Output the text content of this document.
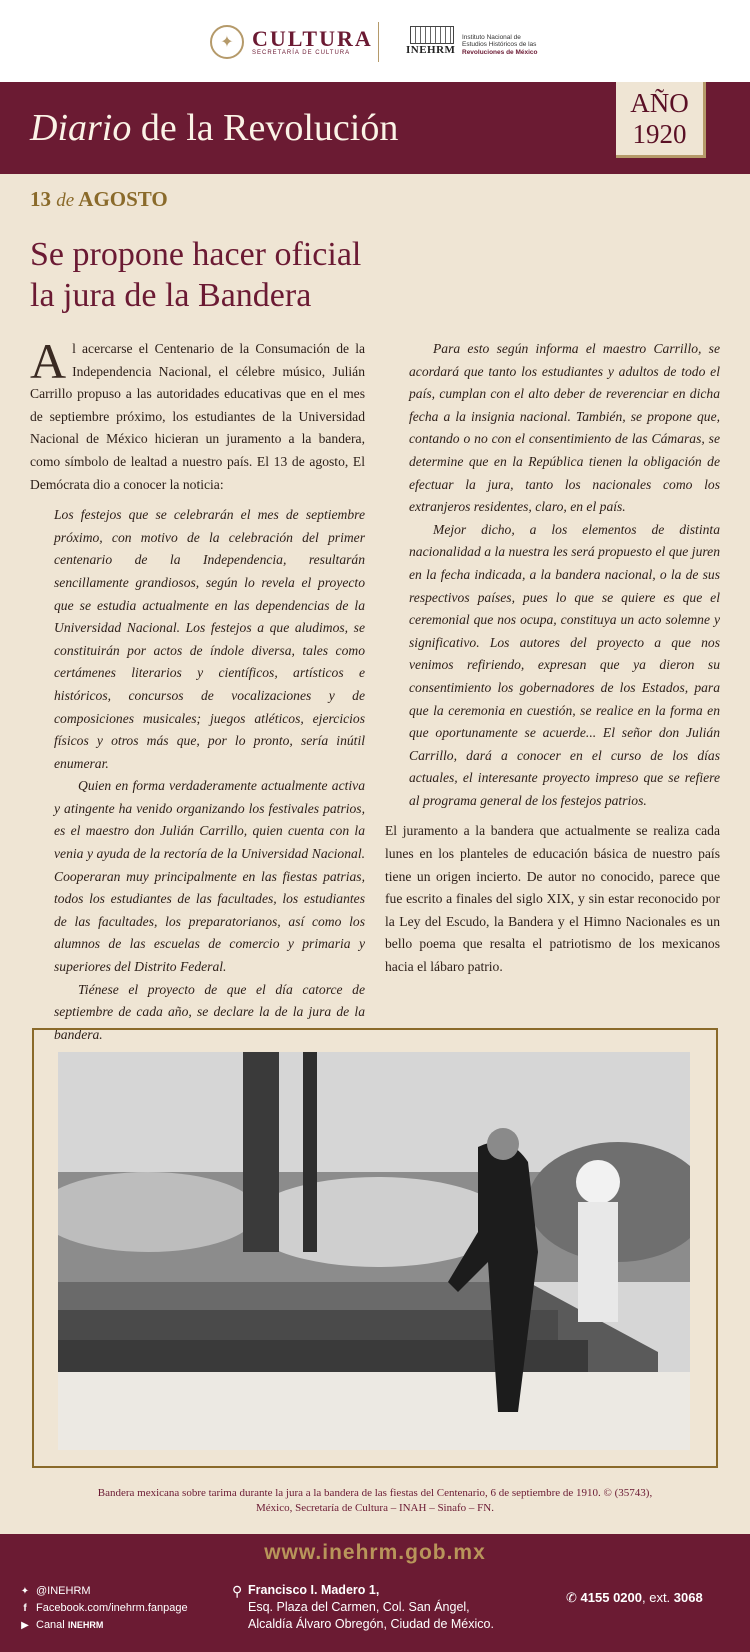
✦ CULTURA
SECRETARÍA DE CULTURA	INEHRM
Instituto Nacional de
Estudios Históricos de las
Revoluciones de México
Diario de la Revolución
AÑO
1920
13 de AGOSTO
Se propone hacer oficial
la jura de la Bandera

Al acercarse el Centenario de la Consumación de la Independencia Nacional, el célebre músico, Julián Carrillo propuso a las autoridades educativas que en el mes de septiembre próximo, los estudiantes de la Universidad Nacional de México hicieran un juramento a la bandera, como símbolo de lealtad a nuestro país. El 13 de agosto, El Demócrata dio a conocer la noticia:

Los festejos que se celebrarán el mes de septiembre próximo, con motivo de la celebración del primer centenario de la Independencia, resultarán sencillamente grandiosos, según lo revela el proyecto que se estudia actualmente en las dependencias de la Universidad Nacional. Los festejos a que aludimos, se constituirán por actos de índole diversa, tales como certámenes literarios y científicos, artísticos e históricos, concursos de vocalizaciones y de composiciones musicales; juegos atléticos, ejercicios físicos y otros más que, por lo pronto, sería inútil enumerar.

Quien en forma verdaderamente actualmente activa y atingente ha venido organizando los festivales patrios, es el maestro don Julián Carrillo, quien cuenta con la venia y ayuda de la rectoría de la Universidad Nacional. Cooperaran muy principalmente en las fiestas patrias, todos los estudiantes de las facultades, los estudiantes de las facultades, los preparatorianos, así como los alumnos de las escuelas de comercio y primaria y superiores del Distrito Federal.

Tiénese el proyecto de que el día catorce de septiembre de cada año, se declare la de la jura de la bandera.

Para esto según informa el maestro Carrillo, se acordará que tanto los estudiantes y adultos de todo el país, cumplan con el alto deber de reverenciar en dicha fecha a la insignia nacional. También, se propone que, contando o no con el consentimiento de las Cámaras, se determine que en la República tienen la obligación de efectuar la jura, tanto los nacionales como los extranjeros residentes, claro, en el país.

Mejor dicho, a los elementos de distinta nacionalidad a la nuestra les será propuesto el que juren en la fecha indicada, a la bandera nacional, o la de sus respectivos países, pues lo que se quiere es que el ceremonial que nos ocupa, constituya un acto solemne y significativo. Los autores del proyecto a que nos venimos refiriendo, expresan que ya dieron su consentimiento los gobernadores de los Estados, para que la ceremonia en cuestión, se realice en la forma en que oportunamente se acuerde... El señor don Julián Carrillo, dará a conocer en el curso de los días actuales, el interesante proyecto impreso que se refiere al programa general de los festejos patrios.

El juramento a la bandera que actualmente se realiza cada lunes en los planteles de educación básica de nuestro país tiene un origen incierto. De autor no conocido, parece que fue escrito a finales del siglo XIX, y sin estar reconocido por la Ley del Escudo, la Bandera y el Himno Nacionales es un bello poema que resalta el patriotismo de los mexicanos hacia el lábaro patrio.

Bandera mexicana sobre tarima durante la jura a la bandera de las fiestas del Centenario, 6 de septiembre de 1910. © (35743),
México, Secretaría de Cultura – INAH – Sinafo – FN.
www.inehrm.gob.mx
✦ @INEHRM
f Facebook.com/inehrm.fanpage
▶ Canal INEHRM
⚲ Francisco I. Madero 1,
Esq. Plaza del Carmen, Col. San Ángel,
Alcaldía Álvaro Obregón, Ciudad de México.
✆ 4155 0200, ext. 3068
